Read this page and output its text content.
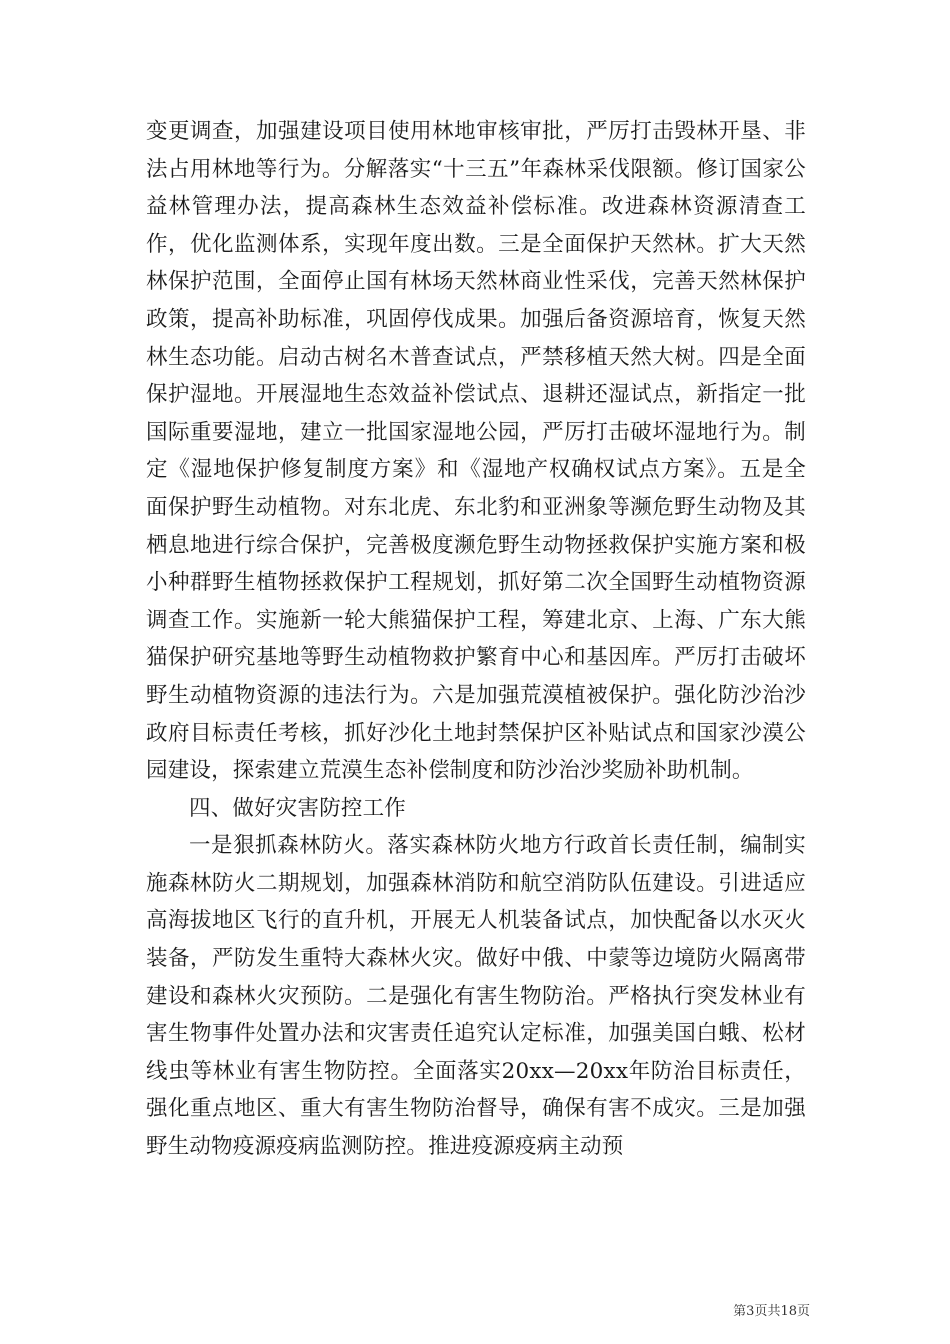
变更调查，加强建设项目使用林地审核审批，严厉打击毁林开垦、非法占用林地等行为。分解落实“十三五”年森林采伐限额。修订国家公益林管理办法，提高森林生态效益补偿标准。改进森林资源清查工作，优化监测体系，实现年度出数。三是全面保护天然林。扩大天然林保护范围，全面停止国有林场天然林商业性采伐，完善天然林保护政策，提高补助标准，巩固停伐成果。加强后备资源培育，恢复天然林生态功能。启动古树名木普查试点，严禁移植天然大树。四是全面保护湿地。开展湿地生态效益补偿试点、退耕还湿试点，新指定一批国际重要湿地，建立一批国家湿地公园，严厉打击破坏湿地行为。制定《湿地保护修复制度方案》和《湿地产权确权试点方案》。五是全面保护野生动植物。对东北虎、东北豹和亚洲象等濒危野生动物及其栖息地进行综合保护，完善极度濒危野生动物拯救保护实施方案和极小种群野生植物拯救保护工程规划，抓好第二次全国野生动植物资源调查工作。实施新一轮大熊猫保护工程，筹建北京、上海、广东大熊猫保护研究基地等野生动植物救护繁育中心和基因库。严厉打击破坏野生动植物资源的违法行为。六是加强荒漠植被保护。强化防沙治沙政府目标责任考核，抓好沙化土地封禁保护区补贴试点和国家沙漠公园建设，探索建立荒漠生态补偿制度和防沙治沙奖励补助机制。

四、做好灾害防控工作

一是狠抓森林防火。落实森林防火地方行政首长责任制，编制实施森林防火二期规划，加强森林消防和航空消防队伍建设。引进适应高海拔地区飞行的直升机，开展无人机装备试点，加快配备以水灭火装备，严防发生重特大森林火灾。做好中俄、中蒙等边境防火隔离带建设和森林火灾预防。二是强化有害生物防治。严格执行突发林业有害生物事件处置办法和灾害责任追究认定标准，加强美国白蛾、松材线虫等林业有害生物防控。全面落实20xx—20xx年防治目标责任，强化重点地区、重大有害生物防治督导，确保有害不成灾。三是加强野生动物疫源疫病监测防控。推进疫源疫病主动预

第3页共18页
